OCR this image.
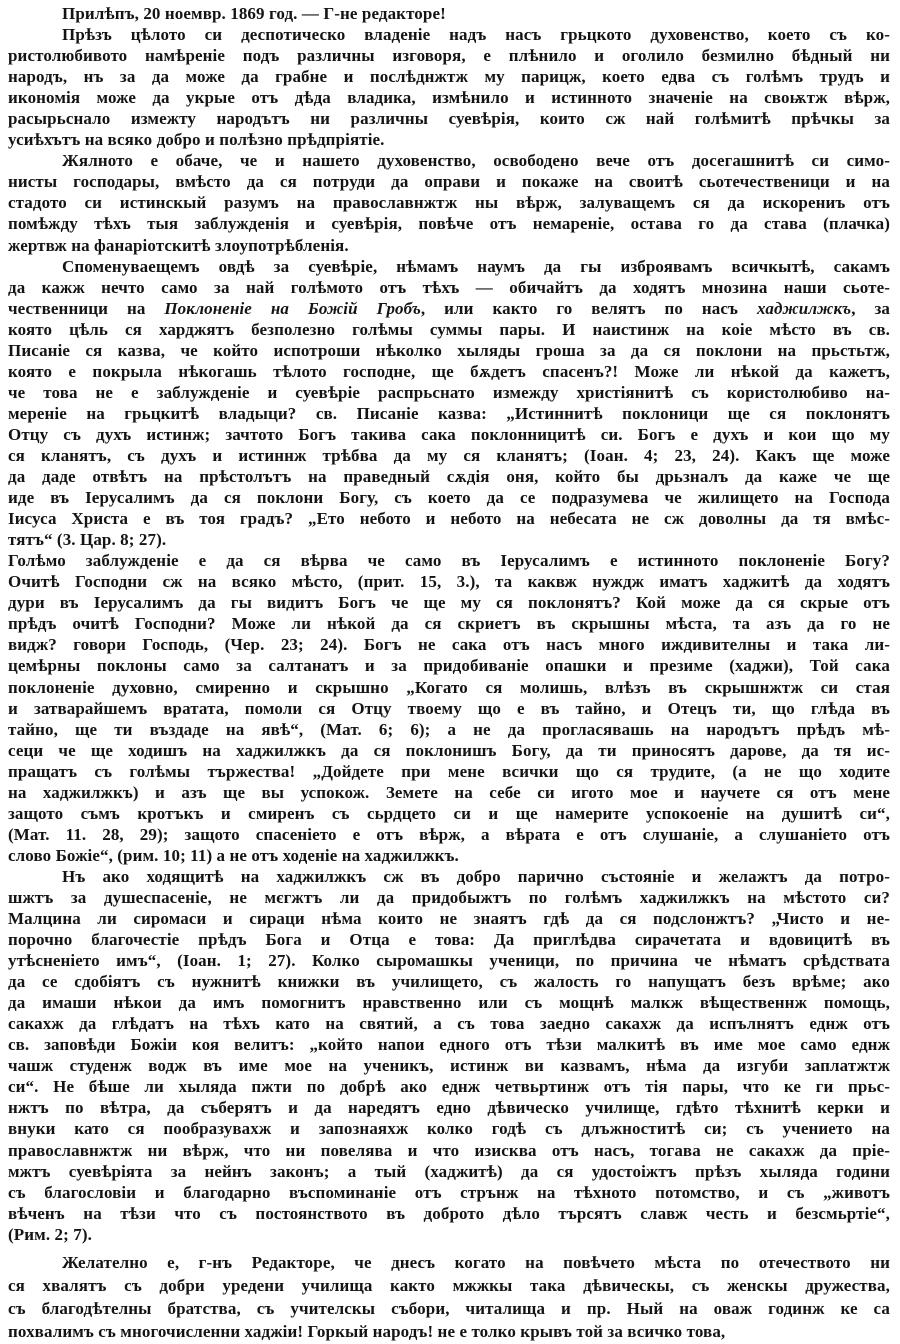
Прилѣпъ, 20 ноемвр. 1869 год. — Г-не редакторе!
Прѣзъ цѣлото си деспотическо владеніе надъ насъ грьцкото духовенство, което съ ко-
ристолюбивото намѣреніе подъ различны изговоря, е плѣнило и оголило безмилно бѣдный ни
народъ, нъ за да може да грабне и послѣднжтж му парицж, което едва съ голѣмъ трудъ и
икономія може да укрые отъ дѣда владика, измѣнило и истинното значеніе на своѭтж вѣрж,
расырьснало измежту народътъ ни различны суевѣрія, които сж най голѣмитѣ прѣчкы за
усиѣхътъ на всяко добро и полѣзно прѣдпріятіе.
Жялното е обаче, че и нашето духовенство, освободено вече отъ досегашнитѣ си симо-
нисты господары, вмѣсто да ся потруди да оправи и покаже на своитѣ сьотечественици и на
стадото си истинскый разумъ на православнжтж ны вѣрж, залуващемъ ся да искорениъ отъ
помѣжду тѣхъ тыя заблужденія и суевѣрія, повѣче отъ немареніе, остава го да става (плачка)
жертвж на фанаріотскитѣ злоупотрѣбленія.
Споменуваещемъ овдѣ за суевѣріе, нѣмамъ наумъ да гы изброявамъ всичкытѣ, сакамъ
да кажж нечто само за най голѣмото отъ тѣхъ — обичайтъ да ходятъ мнозина наши сьоте-
чественници на Поклоненіе на Божій Гробъ, или както го велятъ по насъ хаджилжкъ, за
която цѣль ся харджятъ безполезно голѣмы суммы пары. И наистинж на коіе мѣсто въ св.
Писаніе ся казва, че който испотроши нѣколко хыляды гроша за да ся поклони на прьстьтж,
която е покрыла нѣкогашь тѣлото господне, ще бѫдетъ спасенъ?! Може ли нѣкой да кажетъ,
че това не е заблужденіе и суевѣріе распрьснато измежду христіянитѣ съ користолюбиво на-
мереніе на грьцкитѣ владыци? св. Писаніе казва: „Истиннитѣ поклоници ще ся поклонятъ
Отцу съ духъ истинж; зачтото Богъ такива сака поклонницитѣ си. Богъ е духъ и кои що му
ся кланятъ, съ духъ и истиннж трѣбва да му ся кланятъ; (Іоан. 4; 23, 24). Какъ ще може
да даде отвѣтъ на прѣстолътъ на праведный сѫдія оня, който бы дрьзналъ да каже че ще
иде въ Іерусалимъ да ся поклони Богу, съ което да се подразумева че жилището на Господа
Іисуса Христа е въ тоя градъ? „Ето небото и небото на небесата не сж доволны да тя вмѣс-
тятъ“ (3. Цар. 8; 27).
Голѣмо заблужденіе е да ся вѣрва че само въ Іерусалимъ е истинното поклоненіе Богу?
Очитѣ Господни сж на всяко мѣсто, (прит. 15, 3.), та каквж нуждж иматъ хаджитѣ да ходятъ
дури въ Іерусалимъ да гы видитъ Богъ че ще му ся поклонятъ? Кой може да ся скрые отъ
прѣдъ очитѣ Господни? Може ли нѣкой да ся скриетъ въ скрышны мѣста, та азъ да го не
видж? говори Господь, (Чер. 23; 24). Богъ не сака отъ насъ много иждивителны и така ли-
цемѣрны поклоны само за салтанатъ и за придобиваніе опашки и презиме (хаджи), Той сака
поклоненіе духовно, смиренно и скрышно „Когато ся молишь, влѣзъ въ скрышнжтж си стая
и затварайшемъ вратата, помоли ся Отцу твоему що е въ тайно, и Отецъ ти, що глѣда въ
тайно, ще ти въздаде на явѣ“, (Мат. 6; 6); а не да прогласявашь на народътъ прѣдъ мѣ-
сеци че ще ходишъ на хаджилжкъ да ся поклонишъ Богу, да ти приносятъ дарове, да тя ис-
пращатъ съ голѣмы тържества! „Дойдете при мене всички що ся трудите, (а не що ходите
на хаджилжкъ) и азъ ще вы успокож. Земете на себе си игото мое и научете ся отъ мене
защото съмъ кротъкъ и смиренъ съ сьрдцето си и ще намерите успокоеніе на душитѣ си“,
(Мат. 11. 28, 29); защото спасеніето е отъ вѣрж, а вѣрата е отъ слушаніе, а слушаніето отъ
слово Божіе“, (рим. 10; 11) а не отъ ходеніе на хаджилжкъ.
Нъ ако ходящитѣ на хаджилжкъ сж въ добро парично състояніе и желажтъ да потро-
шжтъ за душеспасеніе, не мєгжтъ ли да придобыжтъ по голѣмъ хаджилжкъ на мѣстото си?
Малцина ли сиромаси и сираци нѣма които не знаятъ гдѣ да ся подслонжтъ? „Чисто и не-
порочно благочестіе прѣдъ Бога и Отца е това: Да приглѣдва сирачетата и вдовицитѣ въ
утѣсненіето имъ“, (Іоан. 1; 27). Колко сыромашкы ученици, по причина че нѣматъ срѣдствата
да се сдобіятъ съ нужнитѣ книжки въ училището, съ жалость го напущатъ безъ врѣме; ако
да имаши нѣкои да имъ помогнитъ нравственно или съ мощнѣ малкж вѣщественнж помощь,
сакахж да глѣдатъ на тѣхъ като на святий, а съ това заедно сакахж да испълнятъ еднж отъ
св. заповѣди Божіи коя велитъ: „който напои едного отъ тѣзи малкитѣ въ име мое само еднж
чашж студенж водж въ име мое на ученикъ, истинж ви казвамъ, нѣма да изгуби заплатжтж
си“. Не бѣше ли хыляда пжти по добрѣ ако еднж четвьртинж отъ тія пары, что ке ги прьс-
нжтъ по вѣтра, да съберятъ и да наредятъ едно дѣвическо училище, гдѣто тѣхнитѣ керки и
внуки като ся пообразувахж и запознаяхж колко годѣ съ длъжноститѣ си; съ учението на
православнжтж ни вѣрж, что ни повелява и что изисква отъ насъ, тогава не сакахж да пріе-
мжтъ суевѣріята за нейнъ законъ; а тый (хаджитѣ) да ся удостоіжтъ прѣзъ хыляда години
съ благословіи и благодарно въспоминаніе отъ стрънж на тѣхното потомство, и съ „животъ
вѣченъ на тѣзи что съ постоянството въ доброто дѣло търсятъ славж честь и безсмьртіе“,
(Рим. 2; 7).
Желателно е, г-нъ Редакторе, че днесъ когато на повѣчето мѣста по отечеството ни
ся хвалятъ съ добри уредени училища както мжжкы така дѣвическы, съ женскы дружества,
съ благодѣтелны братства, съ учителскы събори, читалища и пр. Ный на оваж годинж ке са
похвалимъ съ многочисленни хаджіи! Горкый народъ! не е толко крывъ той за всичко това,
